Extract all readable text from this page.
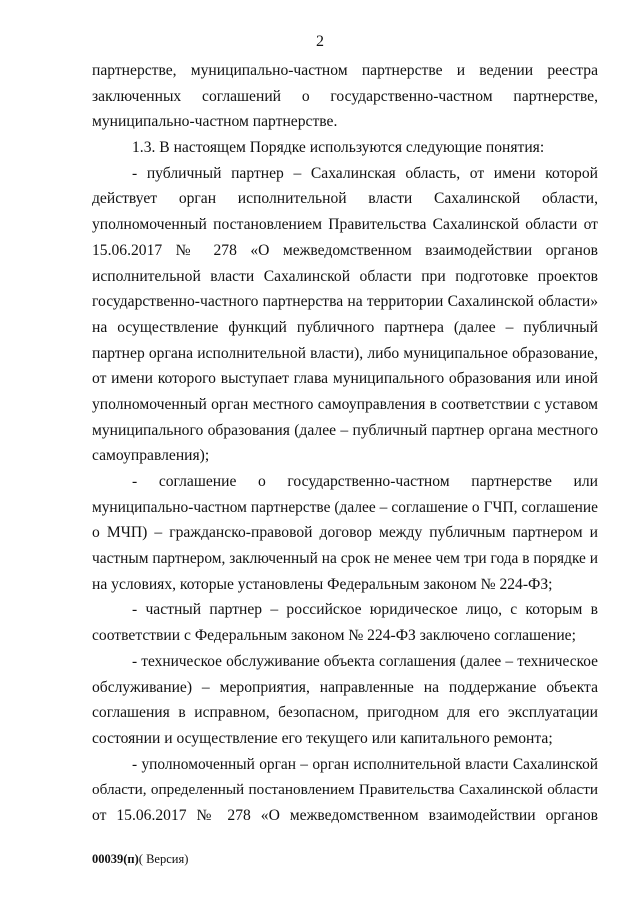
2
партнерстве, муниципально-частном партнерстве и ведении реестра
заключенных соглашений о государственно-частном партнерстве,
муниципально-частном партнерстве.
1.3. В настоящем Порядке используются следующие понятия:
- публичный партнер – Сахалинская область, от имени которой
действует орган исполнительной власти Сахалинской области,
уполномоченный постановлением Правительства Сахалинской области от
15.06.2017 № 278 «О межведомственном взаимодействии органов
исполнительной власти Сахалинской области при подготовке проектов
государственно-частного партнерства на территории Сахалинской области»
на осуществление функций публичного партнера (далее – публичный
партнер органа исполнительной власти), либо муниципальное образование,
от имени которого выступает глава муниципального образования или иной
уполномоченный орган местного самоуправления в соответствии с уставом
муниципального образования (далее – публичный партнер органа местного
самоуправления);
- соглашение о государственно-частном партнерстве или
муниципально-частном партнерстве (далее – соглашение о ГЧП, соглашение
о МЧП) – гражданско-правовой договор между публичным партнером и
частным партнером, заключенный на срок не менее чем три года в порядке и
на условиях, которые установлены Федеральным законом № 224-ФЗ;
- частный партнер – российское юридическое лицо, с которым в
соответствии с Федеральным законом № 224-ФЗ заключено соглашение;
- техническое обслуживание объекта соглашения (далее – техническое
обслуживание) – мероприятия, направленные на поддержание объекта
соглашения в исправном, безопасном, пригодном для его эксплуатации
состоянии и осуществление его текущего или капитального ремонта;
- уполномоченный орган – орган исполнительной власти Сахалинской
области, определенный постановлением Правительства Сахалинской области
от 15.06.2017 № 278 «О межведомственном взаимодействии органов
00039(п)( Версия)
